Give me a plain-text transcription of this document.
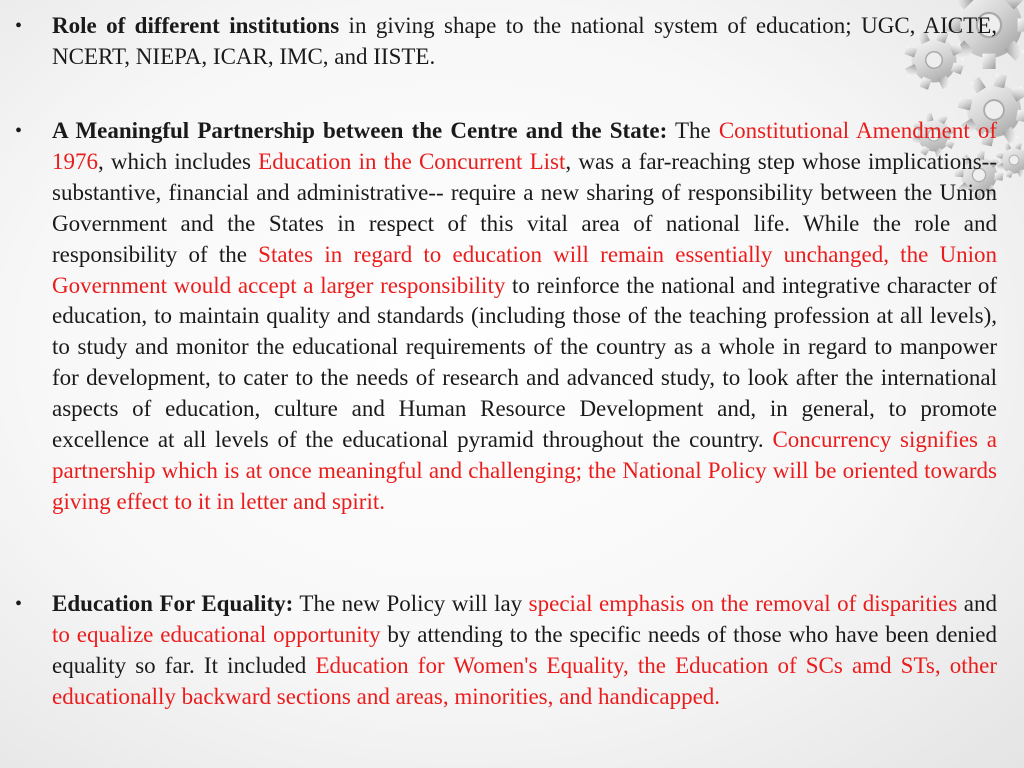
• Role of different institutions in giving shape to the national system of education; UGC, AICTE, NCERT, NIEPA, ICAR, IMC, and IISTE.

• A Meaningful Partnership between the Centre and the State: The Constitutional Amendment of 1976, which includes Education in the Concurrent List, was a far-reaching step whose implications--substantive, financial and administrative-- require a new sharing of responsibility between the Union Government and the States in respect of this vital area of national life. While the role and responsibility of the States in regard to education will remain essentially unchanged, the Union Government would accept a larger responsibility to reinforce the national and integrative character of education, to maintain quality and standards (including those of the teaching profession at all levels), to study and monitor the educational requirements of the country as a whole in regard to manpower for development, to cater to the needs of research and advanced study, to look after the international aspects of education, culture and Human Resource Development and, in general, to promote excellence at all levels of the educational pyramid throughout the country. Concurrency signifies a partnership which is at once meaningful and challenging; the National Policy will be oriented towards giving effect to it in letter and spirit.

• Education For Equality: The new Policy will lay special emphasis on the removal of disparities and to equalize educational opportunity by attending to the specific needs of those who have been denied equality so far. It included Education for Women's Equality, the Education of SCs amd STs, other educationally backward sections and areas, minorities, and handicapped.
